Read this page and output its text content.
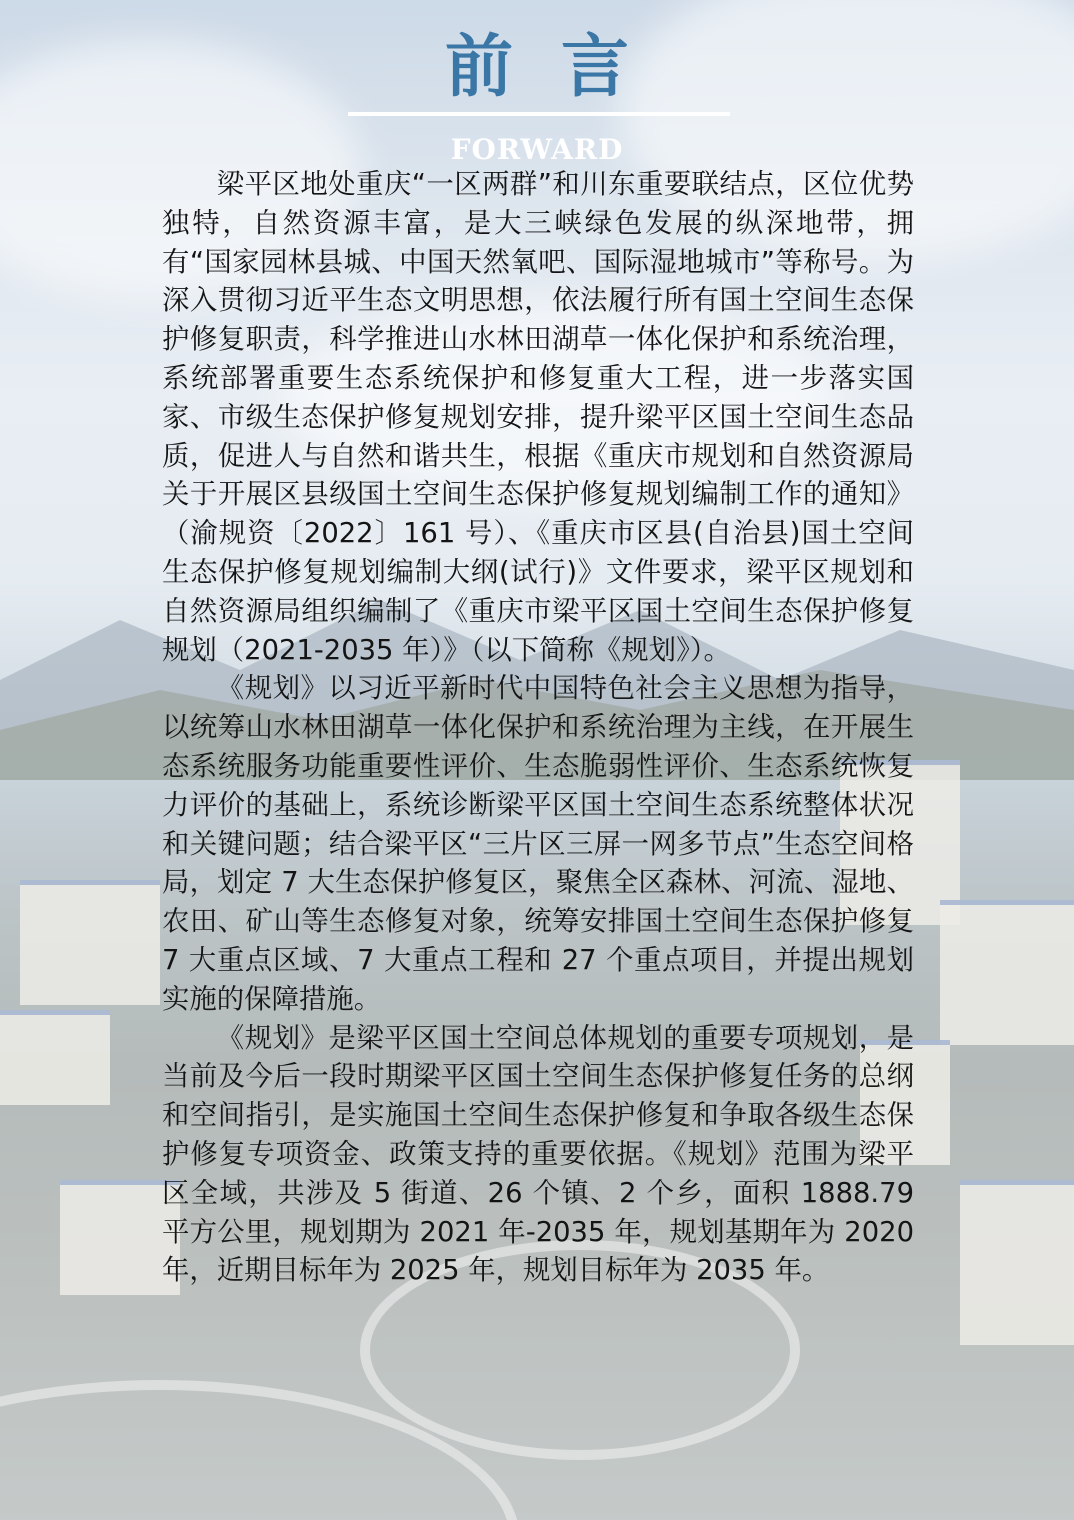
前言
FORWARD

梁平区地处重庆“一区两群”和川东重要联结点，区位优势独特，自然资源丰富，是大三峡绿色发展的纵深地带，拥有“国家园林县城、中国天然氧吧、国际湿地城市”等称号。为深入贯彻习近平生态文明思想，依法履行所有国土空间生态保护修复职责，科学推进山水林田湖草一体化保护和系统治理，系统部署重要生态系统保护和修复重大工程，进一步落实国家、市级生态保护修复规划安排，提升梁平区国土空间生态品质，促进人与自然和谐共生，根据《重庆市规划和自然资源局关于开展区县级国土空间生态保护修复规划编制工作的通知》（渝规资〔2022〕161 号）、《重庆市区县(自治县)国土空间生态保护修复规划编制大纲(试行)》文件要求，梁平区规划和自然资源局组织编制了《重庆市梁平区国土空间生态保护修复规划（2021-2035 年）》（以下简称《规划》）。

《规划》以习近平新时代中国特色社会主义思想为指导，以统筹山水林田湖草一体化保护和系统治理为主线，在开展生态系统服务功能重要性评价、生态脆弱性评价、生态系统恢复力评价的基础上，系统诊断梁平区国土空间生态系统整体状况和关键问题；结合梁平区“三片区三屏一网多节点”生态空间格局，划定 7 大生态保护修复区，聚焦全区森林、河流、湿地、农田、矿山等生态修复对象，统筹安排国土空间生态保护修复 7 大重点区域、7 大重点工程和 27 个重点项目，并提出规划实施的保障措施。

《规划》是梁平区国土空间总体规划的重要专项规划，是当前及今后一段时期梁平区国土空间生态保护修复任务的总纲和空间指引，是实施国土空间生态保护修复和争取各级生态保护修复专项资金、政策支持的重要依据。《规划》范围为梁平区全域，共涉及 5 街道、26 个镇、2 个乡，面积 1888.79 平方公里，规划期为 2021 年-2035 年，规划基期年为 2020 年，近期目标年为 2025 年，规划目标年为 2035 年。
